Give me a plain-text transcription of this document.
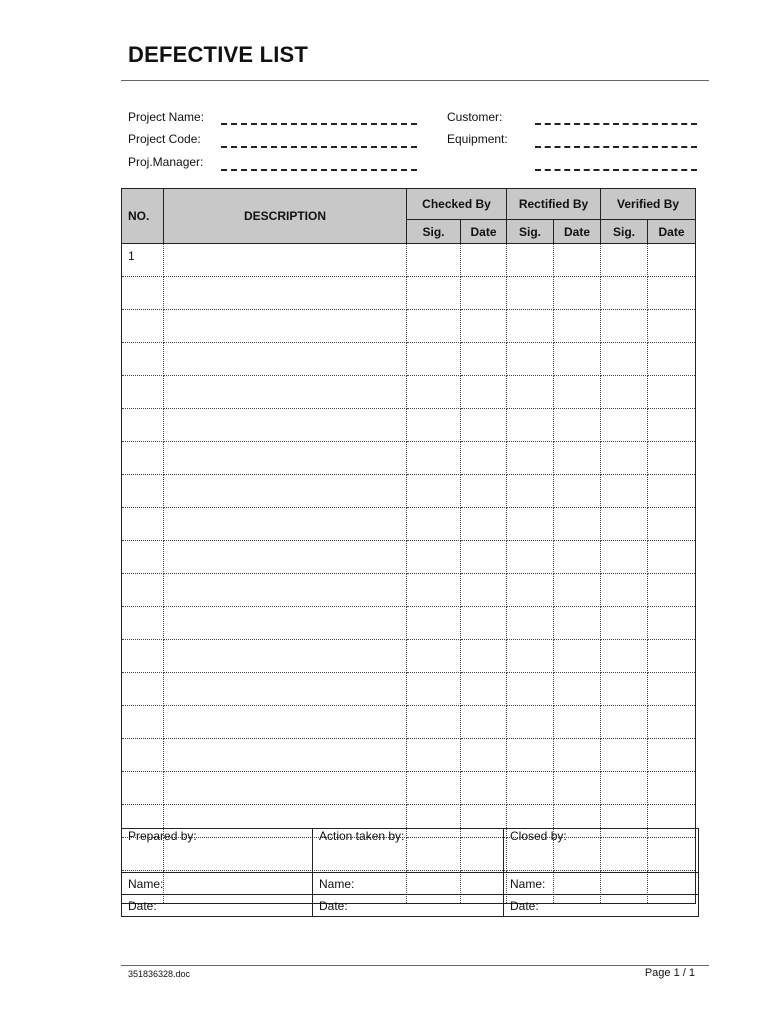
DEFECTIVE LIST
Project Name:
Project Code:
Proj.Manager:
Customer:
Equipment:
NO.	DESCRIPTION	Checked By		Rectified By		Verified By	
		Sig.	Date	Sig.	Date	Sig.	Date
1							

Prepared by:	Action taken by:	Closed by:
Name:	Name:	Name:
Date:	Date:	Date:
351836328.doc	Page 1 / 1
